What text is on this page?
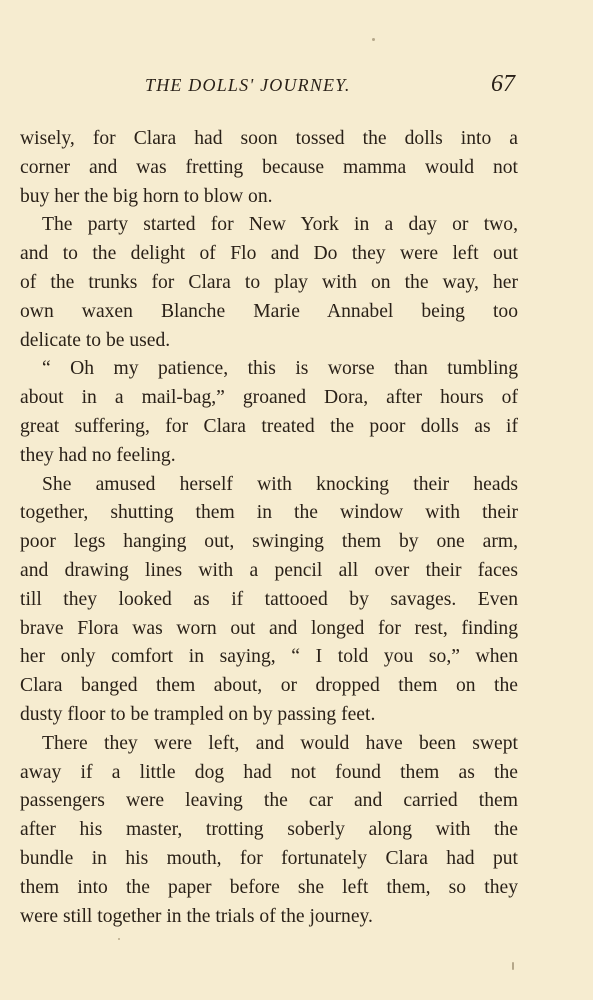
THE DOLLS' JOURNEY.	67
wisely, for Clara had soon tossed the dolls into a
corner and was fretting because mamma would not
buy her the big horn to blow on.
The party started for New York in a day or two,
and to the delight of Flo and Do they were left out
of the trunks for Clara to play with on the way, her
own waxen Blanche Marie Annabel being too
delicate to be used.
“ Oh my patience, this is worse than tumbling
about in a mail-bag,” groaned Dora, after hours of
great suffering, for Clara treated the poor dolls as if
they had no feeling.
She amused herself with knocking their heads
together, shutting them in the window with their
poor legs hanging out, swinging them by one arm,
and drawing lines with a pencil all over their faces
till they looked as if tattooed by savages. Even
brave Flora was worn out and longed for rest, finding
her only comfort in saying, “ I told you so,” when
Clara banged them about, or dropped them on the
dusty floor to be trampled on by passing feet.
There they were left, and would have been swept
away if a little dog had not found them as the
passengers were leaving the car and carried them
after his master, trotting soberly along with the
bundle in his mouth, for fortunately Clara had put
them into the paper before she left them, so they
were still together in the trials of the journey.
